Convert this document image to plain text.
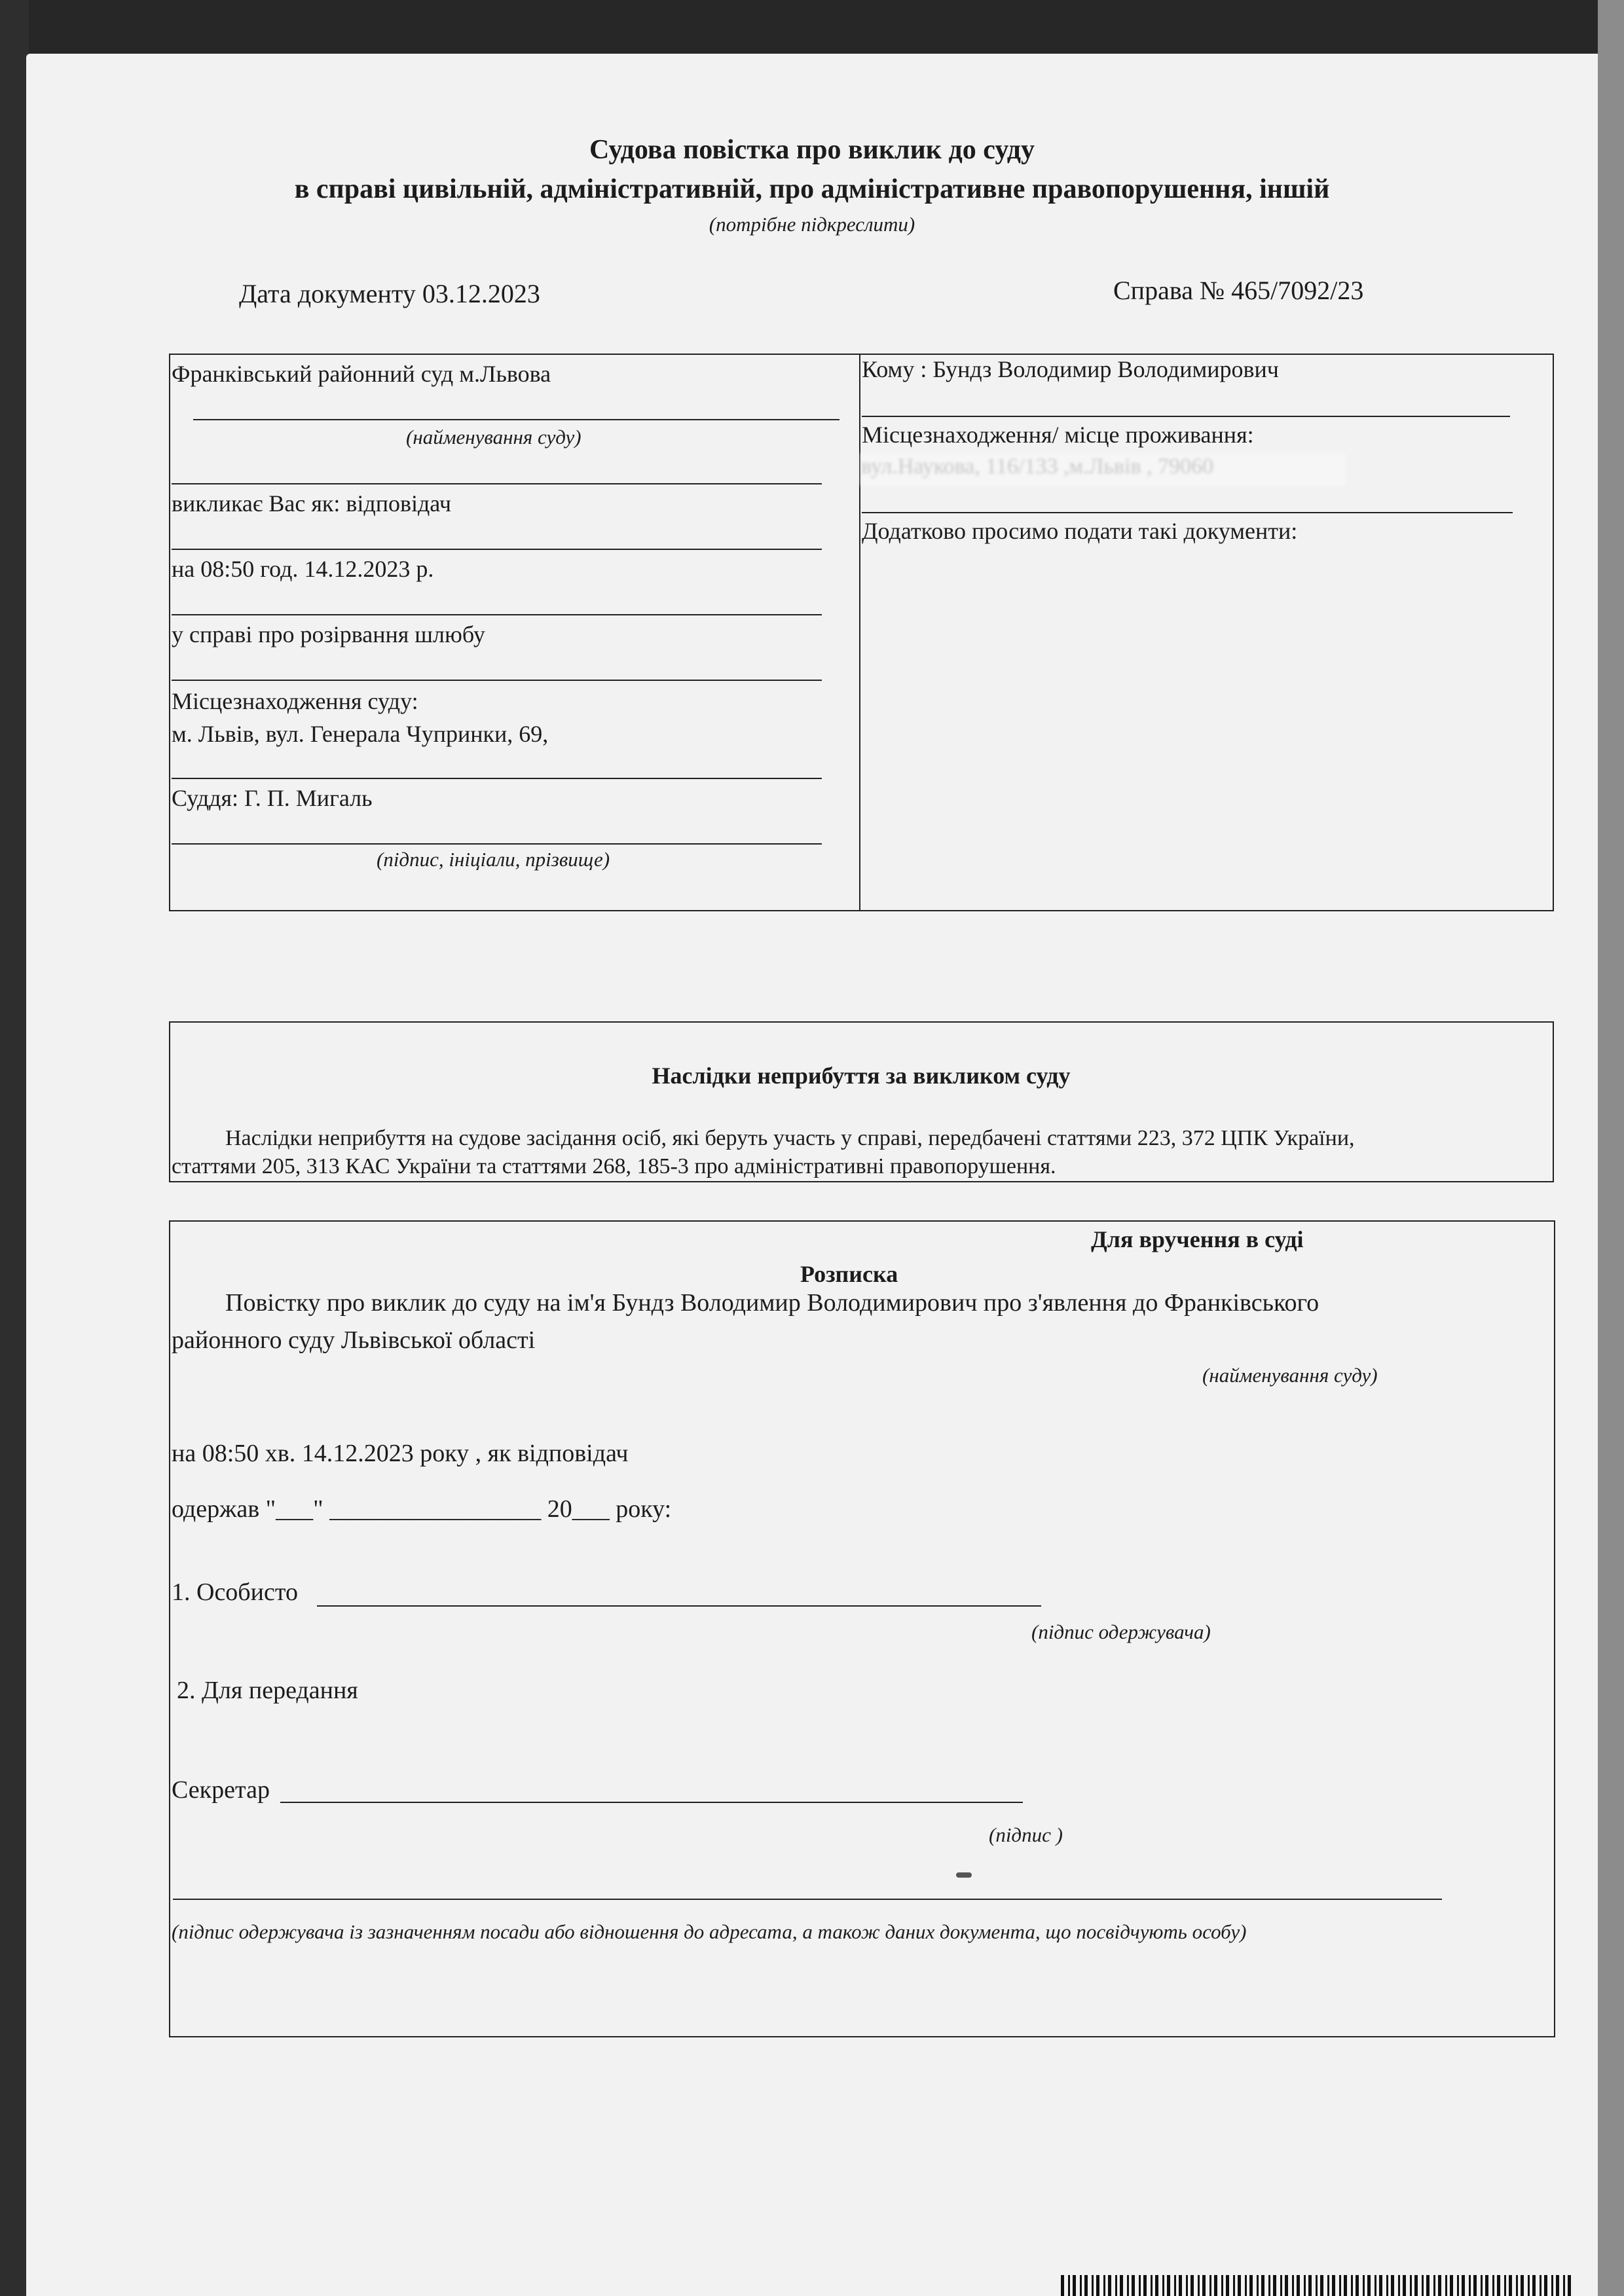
Судова повістка про виклик до суду
в справі цивільній, адміністративній, про адміністративне правопорушення, іншій
(потрібне підкреслити)
Дата документу 03.12.2023	Справа № 465/7092/23
Франківський районний суд м.Львова
(найменування суду)
викликає Вас як: відповідач
на 08:50 год. 14.12.2023 р.
у справі про розірвання шлюбу
Місцезнаходження суду:
м. Львів, вул. Генерала Чупринки, 69,
Суддя: Г. П. Мигаль
(підпис, ініціали, прізвище)
Кому : Бундз Володимир Володимирович
Місцезнаходження/ місце проживання:
вул.Наукова, 116/133 ,м.Львів , 79060
Додатково просимо подати такі документи:
Наслідки неприбуття за викликом суду
Наслідки неприбуття на судове засідання осіб, які беруть участь у справі, передбачені статтями 223, 372 ЦПК України,
статтями 205, 313 КАС України та статтями 268, 185-3 про адміністративні правопорушення.
Для вручення в суді
Розписка
Повістку про виклик до суду на ім'я Бундз Володимир Володимирович про з'явлення до Франківського
районного суду Львівської області
(найменування суду)
на 08:50 хв. 14.12.2023 року , як відповідач
одержав "___" _________________ 20___ року:
1. Особисто
(підпис одержувача)
2. Для передання
Секретар
(підпис )
(підпис одержувача із зазначенням посади або відношення до адресата, а також даних документа, що посвідчують особу)
